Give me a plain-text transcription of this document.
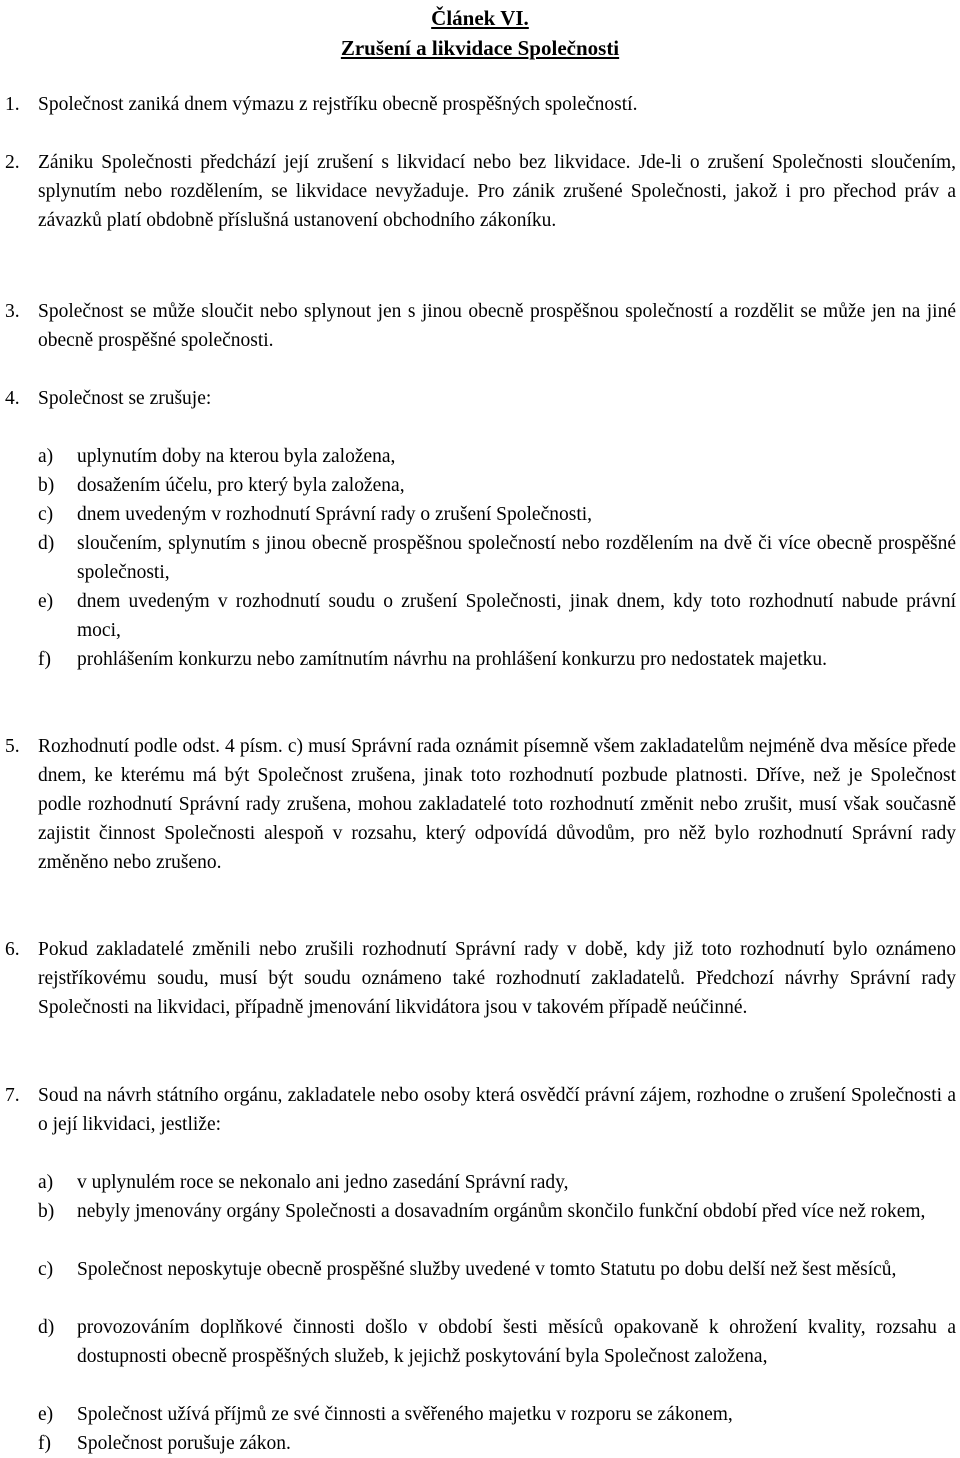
Článek VI.
Zrušení a likvidace Společnosti
1. Společnost zaniká dnem výmazu z rejstříku obecně prospěšných společností.
2. Zániku Společnosti předchází její zrušení s likvidací nebo bez likvidace. Jde-li o zrušení Společnosti sloučením, splynutím nebo rozdělením, se likvidace nevyžaduje. Pro zánik zrušené Společnosti, jakož i pro přechod práv a závazků platí obdobně příslušná ustanovení obchodního zákoníku.
3. Společnost se může sloučit nebo splynout jen s jinou obecně prospěšnou společností a rozdělit se může jen na jiné obecně prospěšné společnosti.
4. Společnost se zrušuje:
a) uplynutím doby na kterou byla založena,
b) dosažením účelu, pro který byla založena,
c) dnem uvedeným v rozhodnutí Správní rady o zrušení Společnosti,
d) sloučením, splynutím s jinou obecně prospěšnou společností nebo rozdělením na dvě či více obecně prospěšné společnosti,
e) dnem uvedeným v rozhodnutí soudu o zrušení Společnosti, jinak dnem, kdy toto rozhodnutí nabude právní moci,
f) prohlášením konkurzu nebo zamítnutím návrhu na prohlášení konkurzu pro nedostatek majetku.
5. Rozhodnutí podle odst. 4 písm. c) musí Správní rada oznámit písemně všem zakladatelům nejméně dva měsíce přede dnem, ke kterému má být Společnost zrušena, jinak toto rozhodnutí pozbude platnosti. Dříve, než je Společnost podle rozhodnutí Správní rady zrušena, mohou zakladatelé toto rozhodnutí změnit nebo zrušit, musí však současně zajistit činnost Společnosti alespoň v rozsahu, který odpovídá důvodům, pro něž bylo rozhodnutí Správní rady změněno nebo zrušeno.
6. Pokud zakladatelé změnili nebo zrušili rozhodnutí Správní rady v době, kdy již toto rozhodnutí bylo oznámeno rejstříkovému soudu, musí být soudu oznámeno také rozhodnutí zakladatelů. Předchozí návrhy Správní rady Společnosti na likvidaci, případně jmenování likvidátora jsou v takovém případě neúčinné.
7. Soud na návrh státního orgánu, zakladatele nebo osoby která osvědčí právní zájem, rozhodne o zrušení Společnosti a o její likvidaci, jestliže:
a) v uplynulém roce se nekonalo ani jedno zasedání Správní rady,
b) nebyly jmenovány orgány Společnosti a dosavadním orgánům skončilo funkční období před více než rokem,
c) Společnost neposkytuje obecně prospěšné služby uvedené v tomto Statutu po dobu delší než šest měsíců,
d) provozováním doplňkové činnosti došlo v období šesti měsíců opakovaně k ohrožení kvality, rozsahu a dostupnosti obecně prospěšných služeb, k jejichž poskytování byla Společnost založena,
e) Společnost užívá příjmů ze své činnosti a svěřeného majetku v rozporu se zákonem,
f) Společnost porušuje zákon.
